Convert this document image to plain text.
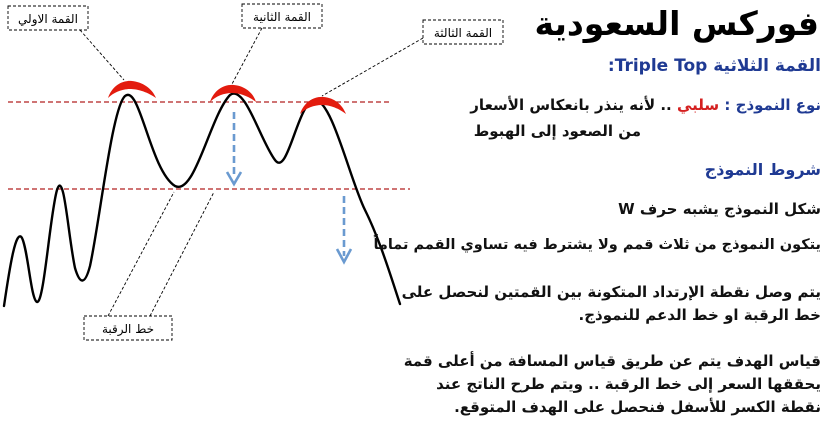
القمة الاولي	القمة الثانية
القمة الثالثة
خط الرقبة
فوركس السعودية
القمة الثلاثية Triple Top:
نوع النموذج : سلبي .. لأنه ينذر بانعكاس الأسعار
من الصعود إلى الهبوط
شروط النموذج
شكل النموذج يشبه حرف W
يتكون النموذج من ثلاث قمم ولا يشترط فيه تساوي القمم تماماً
يتم وصل نقطة الإرتداد المتكونة بين القمتين لنحصل على
خط الرقبة او خط الدعم للنموذج.
قياس الهدف يتم عن طريق قياس المسافة من أعلى قمة
يحققها السعر إلى خط الرقبة .. ويتم طرح الناتج عند
نقطة الكسر للأسفل فنحصل على الهدف المتوقع.
